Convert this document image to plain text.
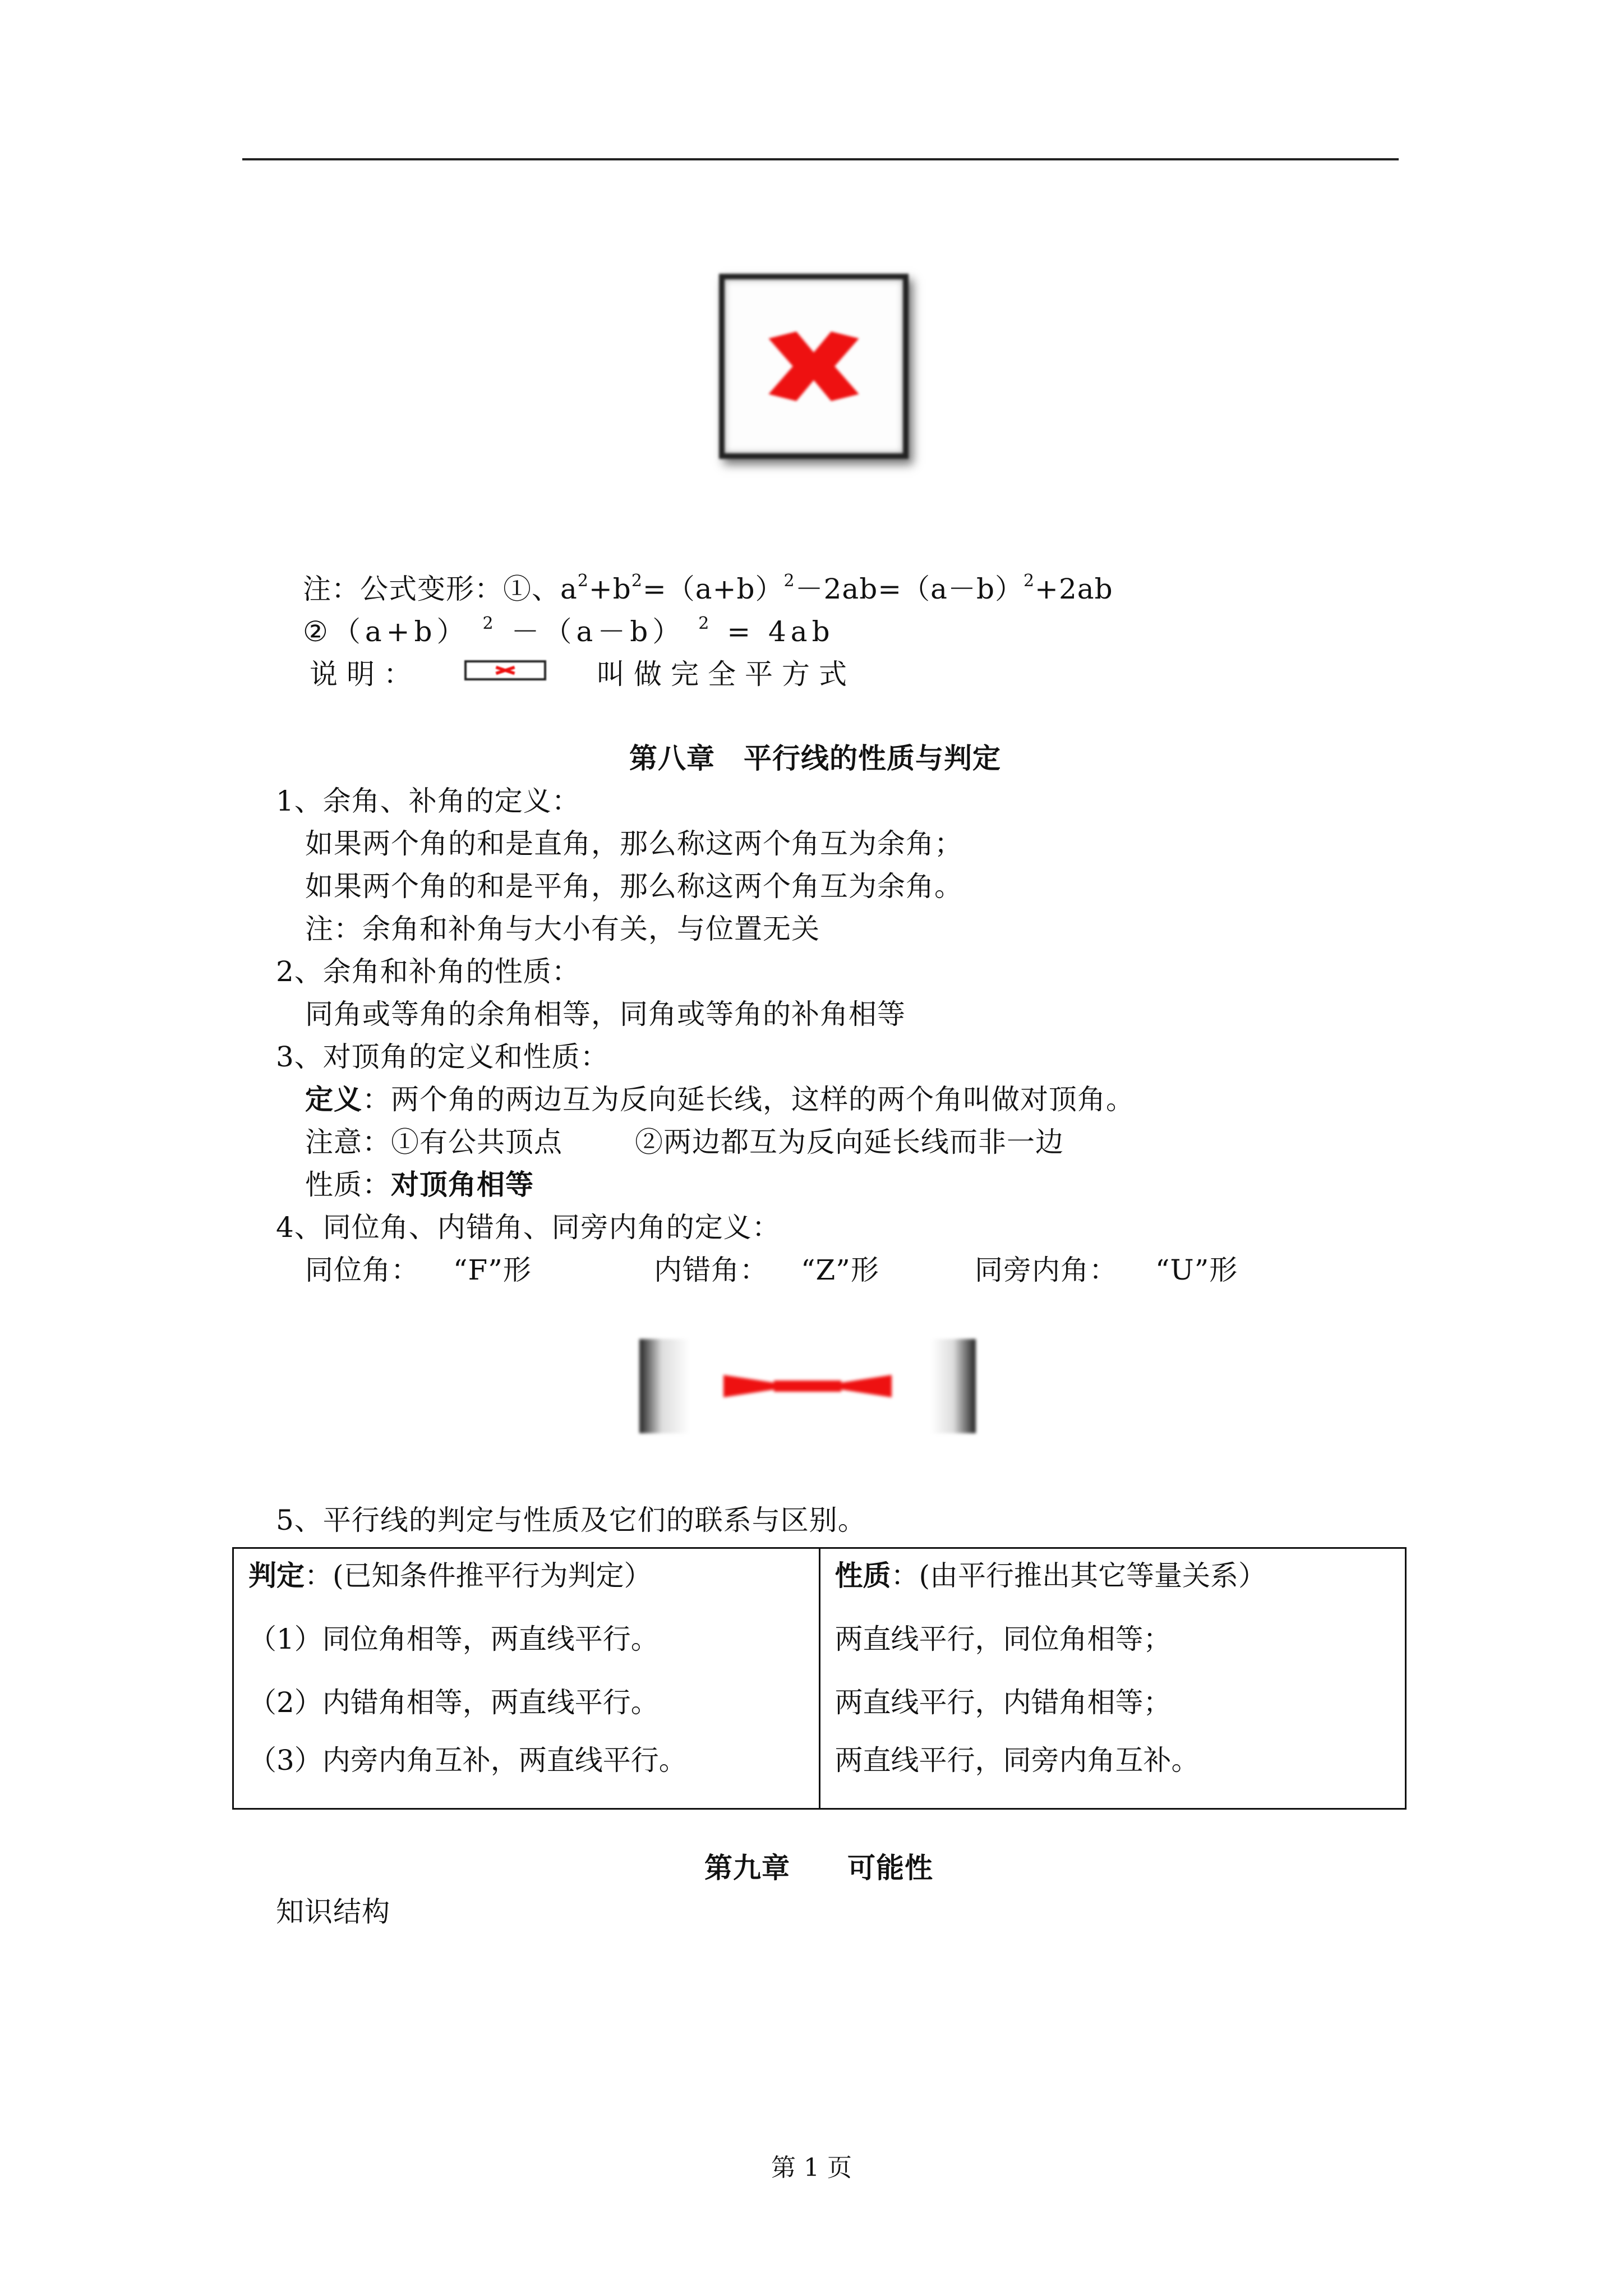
注：公式变形：①、$a^2+b^2=(a+b)^2-2ab=(a-b)^2+2ab$
②（a+b） $^2$ －（a－b） $^2$ = 4ab
说明：	叫做完全平方式
第八章　平行线的性质与判定
1、余角、补角的定义：
如果两个角的和是直角，那么称这两个角互为余角；
如果两个角的和是平角，那么称这两个角互为余角。
注：余角和补角与大小有关，与位置无关
2、余角和补角的性质：
同角或等角的余角相等，同角或等角的补角相等
3、对顶角的定义和性质：
定义：两个角的两边互为反向延长线，这样的两个角叫做对顶角。
注意：①有公共顶点	②两边都互为反向延长线而非一边
性质：对顶角相等
4、同位角、内错角、同旁内角的定义：
同位角： “F”形	内错角： “Z”形	同旁内角： “U”形
5、平行线的判定与性质及它们的联系与区别。
判定：(已知条件推平行为判定）
（1）同位角相等，两直线平行。
（2）内错角相等，两直线平行。
（3）内旁内角互补，两直线平行。

性质：(由平行推出其它等量关系）
两直线平行，同位角相等；
两直线平行，内错角相等；
两直线平行，同旁内角互补。
第九章　　可能性
知识结构
第 1 页
